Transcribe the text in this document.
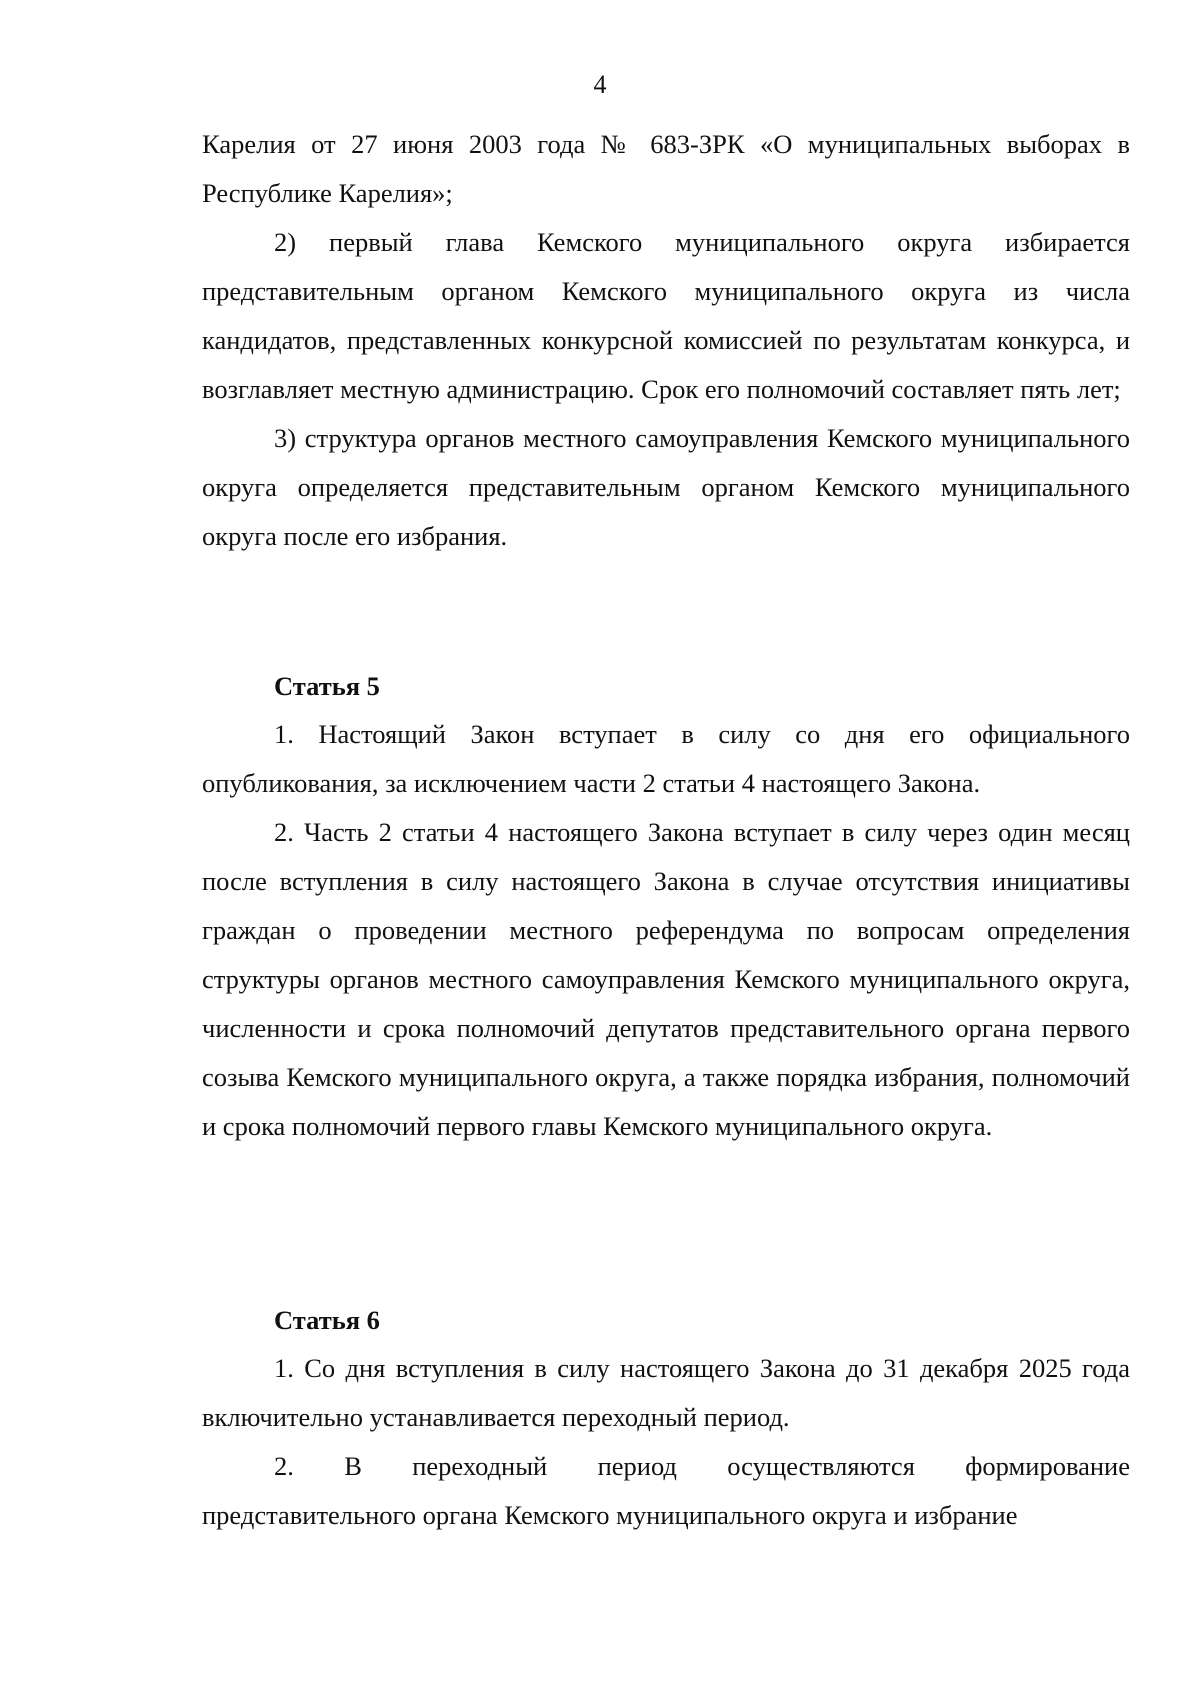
4

Карелия от 27 июня 2003 года № 683-ЗРК «О муниципальных выборах в Республике Карелия»;

2) первый глава Кемского муниципального округа избирается представительным органом Кемского муниципального округа из числа кандидатов, представленных конкурсной комиссией по результатам конкурса, и возглавляет местную администрацию. Срок его полномочий составляет пять лет;

3) структура органов местного самоуправления Кемского муниципального округа определяется представительным органом Кемского муниципального округа после его избрания.

Статья 5

1. Настоящий Закон вступает в силу со дня его официального опубликования, за исключением части 2 статьи 4 настоящего Закона.

2. Часть 2 статьи 4 настоящего Закона вступает в силу через один месяц после вступления в силу настоящего Закона в случае отсутствия инициативы граждан о проведении местного референдума по вопросам определения структуры органов местного самоуправления Кемского муниципального округа, численности и срока полномочий депутатов представительного органа первого созыва Кемского муниципального округа, а также порядка избрания, полномочий и срока полномочий первого главы Кемского муниципального округа.

Статья 6

1. Со дня вступления в силу настоящего Закона до 31 декабря 2025 года включительно устанавливается переходный период.

2. В переходный период осуществляются формирование представительного органа Кемского муниципального округа и избрание
